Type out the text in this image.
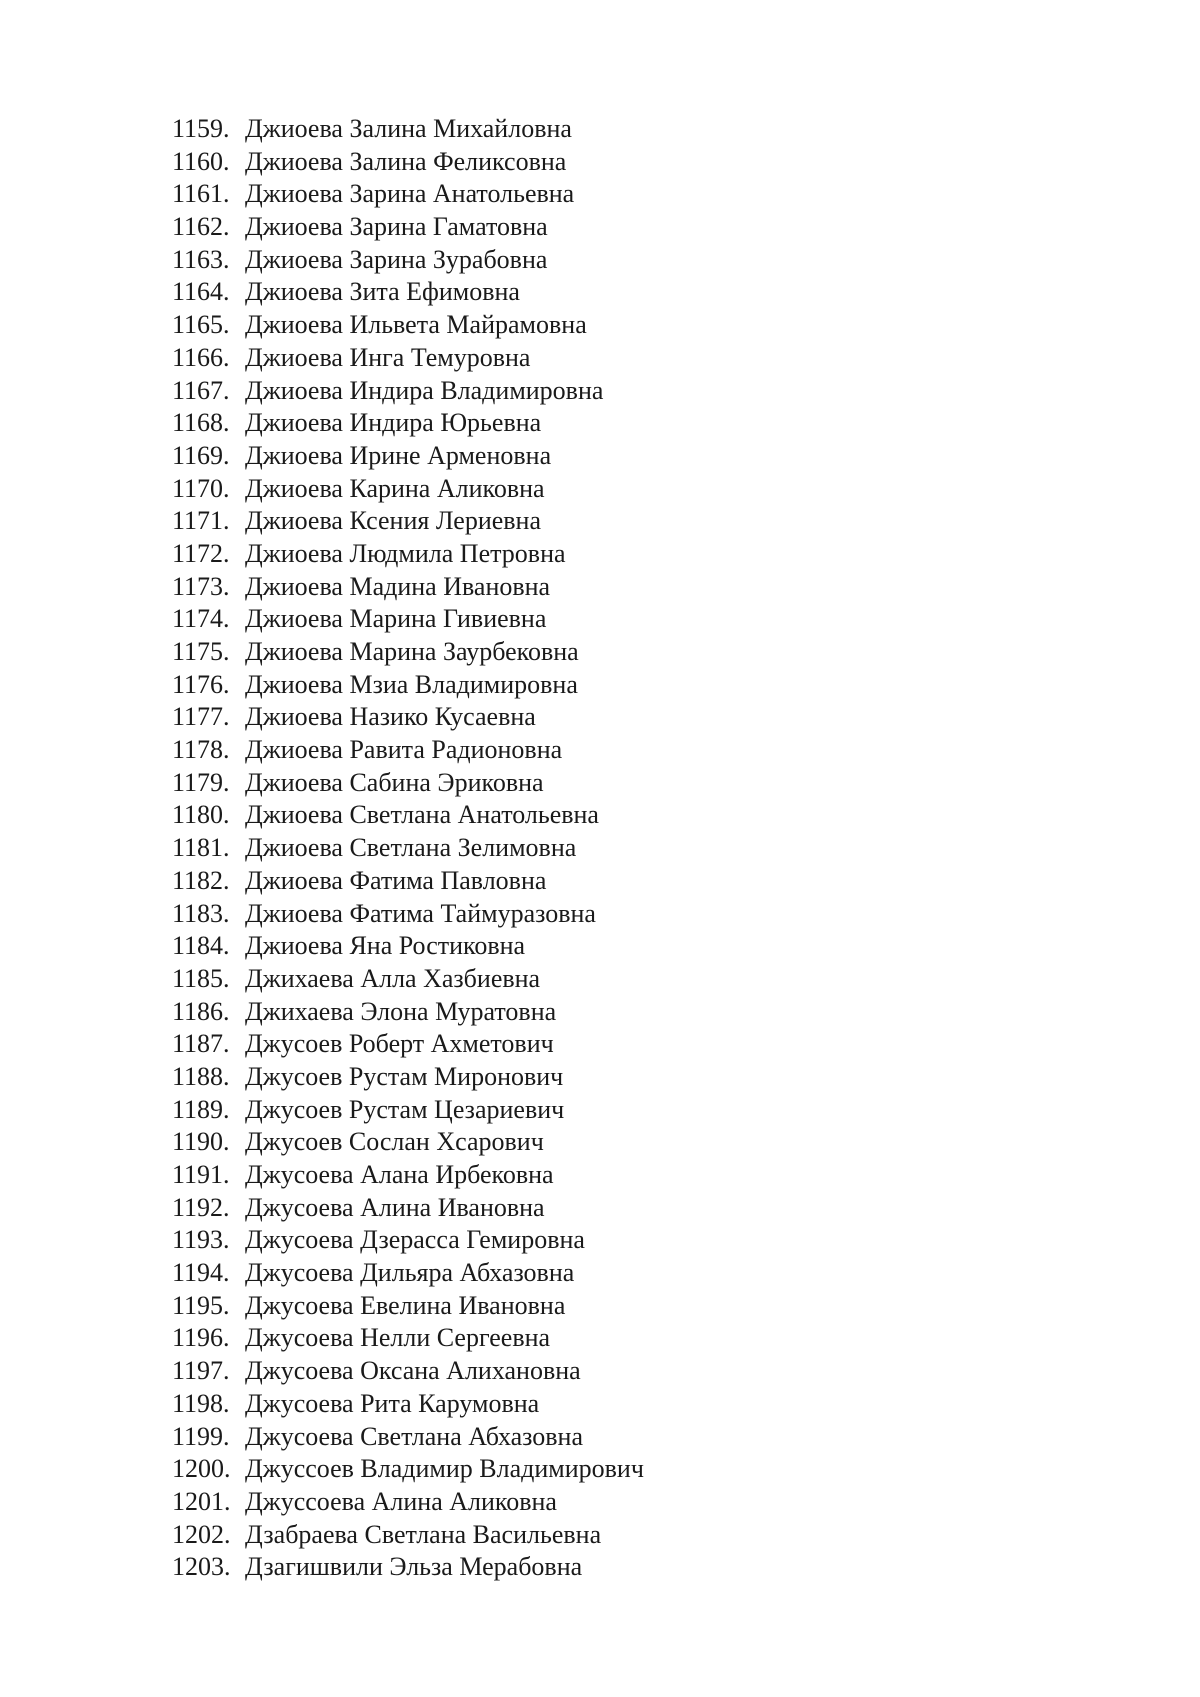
1159. Джиоева Залина Михайловна
1160. Джиоева Залина Феликсовна
1161. Джиоева Зарина Анатольевна
1162. Джиоева Зарина Гаматовна
1163. Джиоева Зарина Зурабовна
1164. Джиоева Зита Ефимовна
1165. Джиоева Ильвета Майрамовна
1166. Джиоева Инга Темуровна
1167. Джиоева Индира Владимировна
1168. Джиоева Индира Юрьевна
1169. Джиоева Ирине Арменовна
1170. Джиоева Карина Аликовна
1171. Джиоева Ксения Лериевна
1172. Джиоева Людмила Петровна
1173. Джиоева Мадина Ивановна
1174. Джиоева Марина Гивиевна
1175. Джиоева Марина Заурбековна
1176. Джиоева Мзиа Владимировна
1177. Джиоева Назико Кусаевна
1178. Джиоева Равита Радионовна
1179. Джиоева Сабина Эриковна
1180. Джиоева Светлана Анатольевна
1181. Джиоева Светлана Зелимовна
1182. Джиоева Фатима Павловна
1183. Джиоева Фатима Таймуразовна
1184. Джиоева Яна Ростиковна
1185. Джихаева Алла Хазбиевна
1186. Джихаева Элона Муратовна
1187. Джусоев Роберт Ахметович
1188. Джусоев Рустам Миронович
1189. Джусоев Рустам Цезариевич
1190. Джусоев Сослан Хсарович
1191. Джусоева Алана Ирбековна
1192. Джусоева Алина Ивановна
1193. Джусоева Дзерасса Гемировна
1194. Джусоева Дильяра Абхазовна
1195. Джусоева Евелина Ивановна
1196. Джусоева Нелли Сергеевна
1197. Джусоева Оксана Алихановна
1198. Джусоева Рита Карумовна
1199. Джусоева Светлана Абхазовна
1200. Джуссоев Владимир Владимирович
1201. Джуссоева Алина Аликовна
1202. Дзабраева Светлана Васильевна
1203. Дзагишвили Эльза Мерабовна
